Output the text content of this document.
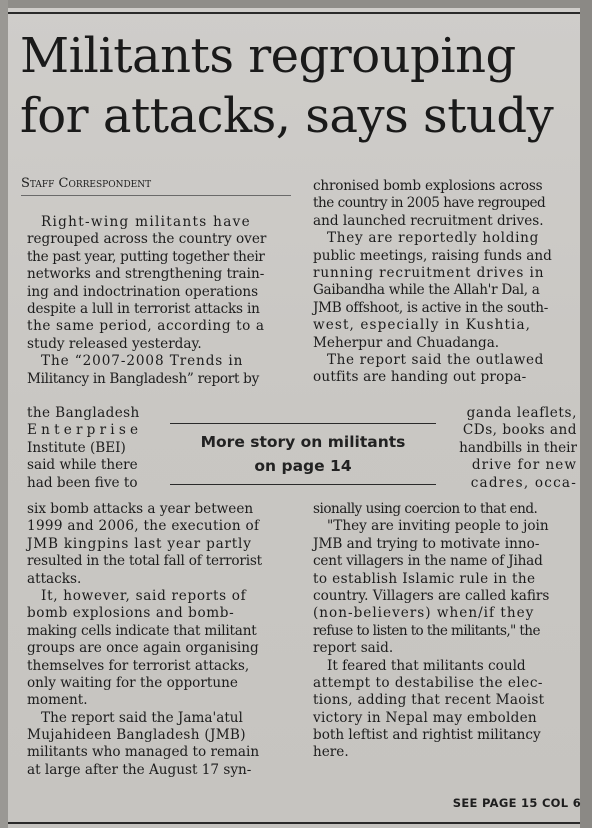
Militants regrouping
for attacks, says study
Staff Correspondent
Right-wing militants have
regrouped across the country over
the past year, putting together their
networks and strengthening train-
ing and indoctrination operations
despite a lull in terrorist attacks in
the same period, according to a
study released yesterday.
The “2007-2008 Trends in
Militancy in Bangladesh” report by
the Bangladesh
Enterprise
Institute (BEI)
said while there
had been five to
six bomb attacks a year between
1999 and 2006, the execution of
JMB kingpins last year partly
resulted in the total fall of terrorist
attacks.
It, however, said reports of
bomb explosions and bomb-
making cells indicate that militant
groups are once again organising
themselves for terrorist attacks,
only waiting for the opportune
moment.
The report said the Jama'atul
Mujahideen Bangladesh (JMB)
militants who managed to remain
at large after the August 17 syn-
More story on militants
on page 14
chronised bomb explosions across
the country in 2005 have regrouped
and launched recruitment drives.
They are reportedly holding
public meetings, raising funds and
running recruitment drives in
Gaibandha while the Allah'r Dal, a
JMB offshoot, is active in the south-
west, especially in Kushtia,
Meherpur and Chuadanga.
The report said the outlawed
outfits are handing out propa-
ganda leaflets,
CDs, books and
handbills in their
drive for new
cadres, occa-
sionally using coercion to that end.
"They are inviting people to join
JMB and trying to motivate inno-
cent villagers in the name of Jihad
to establish Islamic rule in the
country. Villagers are called kafirs
(non-believers) when/if they
refuse to listen to the militants," the
report said.
It feared that militants could
attempt to destabilise the elec-
tions, adding that recent Maoist
victory in Nepal may embolden
both leftist and rightist militancy
here.
SEE PAGE 15 COL 6
